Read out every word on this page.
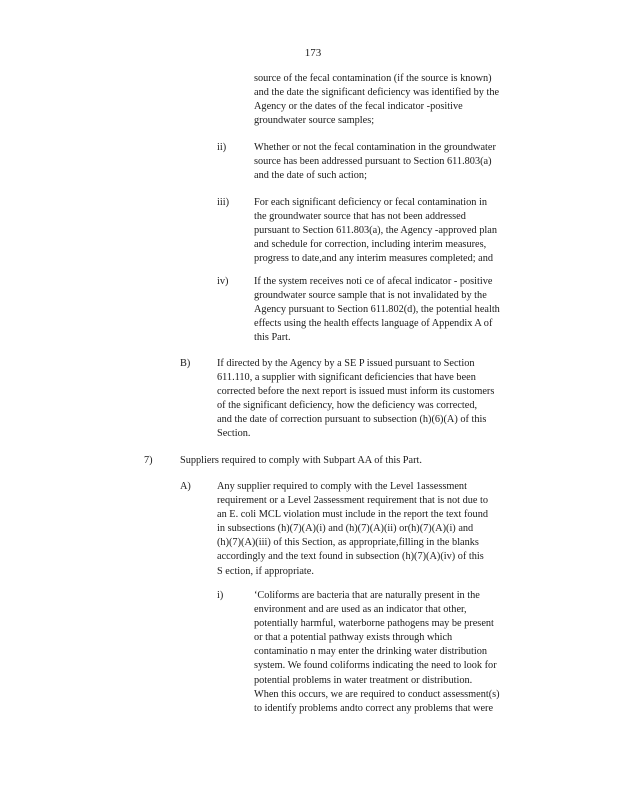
173

source of the fecal contamination (if the source is known)
and the date the significant deficiency was identified by the
Agency or the dates of the fecal indicator -positive
groundwater source samples;

ii)	Whether or not the fecal contamination in the groundwater
source has been addressed pursuant to Section 611.803(a)
and the date of such action;

iii) For each significant deficiency or fecal contamination in
the groundwater source that has not been addressed
pursuant to Section 611.803(a), the Agency -approved plan
and schedule for correction, including interim measures,
progress to date,and any interim measures completed; and

iv) If the system receives noti ce of afecal indicator - positive
groundwater source sample that is not invalidated by the
Agency pursuant to Section 611.802(d), the potential health
effects using the health effects language of Appendix A of
this Part.

B)	If directed by the Agency by a SE P issued pursuant to Section
611.110, a supplier with significant deficiencies that have been
corrected before the next report is issued must inform its customers
of the significant deficiency, how the deficiency was corrected,
and the date of correction pursuant to subsection (h)(6)(A) of this
Section.

7)	Suppliers required to comply with Subpart AA of this Part.

A)	Any supplier required to comply with the Level 1assessment
requirement or a Level 2assessment requirement that is not due to
an E. coli MCL violation must include in the report the text found
in subsections (h)(7)(A)(i) and (h)(7)(A)(ii) or(h)(7)(A)(i) and
(h)(7)(A)(iii) of this Section, as appropriate,filling in the blanks
accordingly and the text found in subsection (h)(7)(A)(iv) of this
S ection, if appropriate.

i)	‘Coliforms are bacteria that are naturally present in the
environment and are used as an indicator that other,
potentially harmful, waterborne pathogens may be present
or that a potential pathway exists through which
contaminatio n may enter the drinking water distribution
system. We found coliforms indicating the need to look for
potential problems in water treatment or distribution.
When this occurs, we are required to conduct assessment(s)
to identify problems andto correct any problems that were
